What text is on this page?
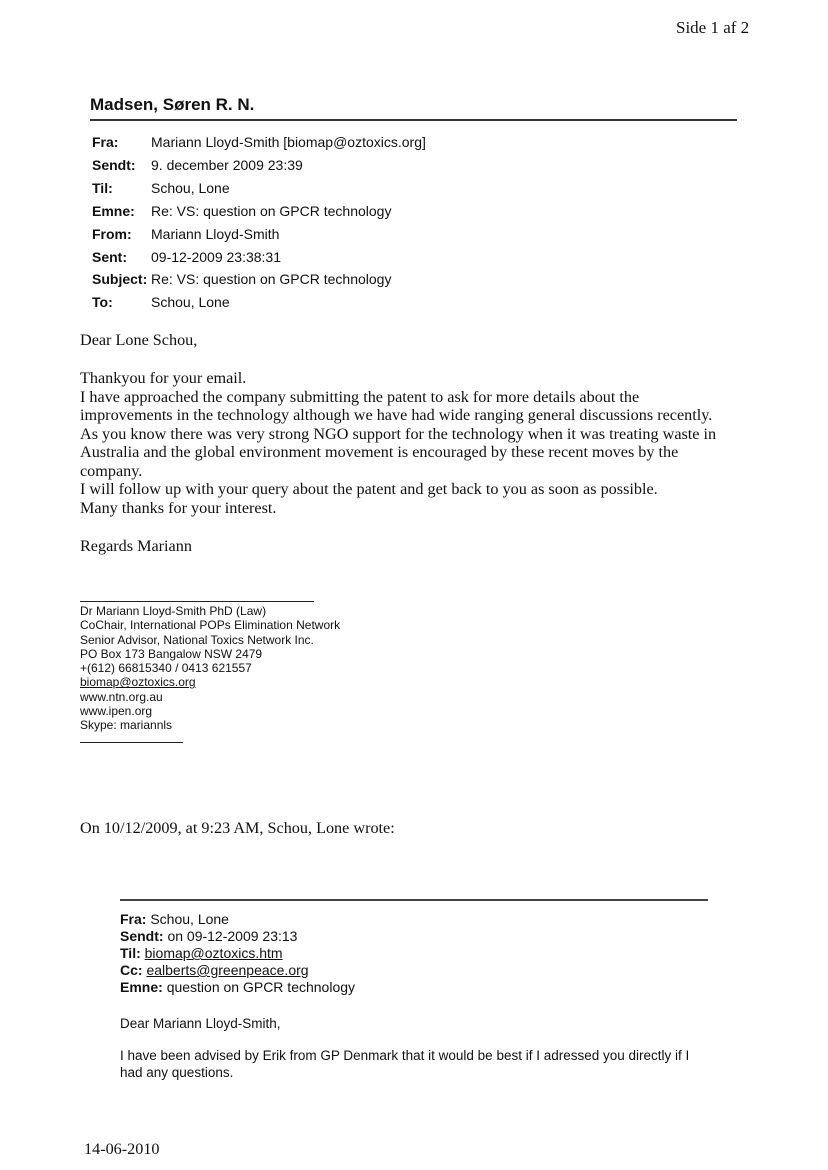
Side 1 af 2
Madsen, Søren R. N.
Fra: Mariann Lloyd-Smith [biomap@oztoxics.org]
Sendt: 9. december 2009 23:39
Til:	Schou, Lone
Emne: Re: VS: question on GPCR technology
From: Mariann Lloyd-Smith
Sent: 09-12-2009 23:38:31
Subject: Re: VS: question on GPCR technology
To:	Schou, Lone
Dear Lone Schou,

Thankyou for your email.

I have approached the company submitting the patent to ask for more details about the

improvements in the technology although we have had wide ranging general discussions recently.

As you know there was very strong NGO support for the technology when it was treating waste in

Australia and the global environment movement is encouraged by these recent moves by the

company.

I will follow up with your query about the patent and get back to you as soon as possible.

Many thanks for your interest.

Regards Mariann
Dr Mariann Lloyd-Smith PhD (Law)
CoChair, International POPs Elimination Network
Senior Advisor, National Toxics Network Inc.
PO Box 173 Bangalow NSW 2479
+(612) 66815340 / 0413 621557
biomap@oztoxics.org
www.ntn.org.au
www.ipen.org
Skype: mariannls
On 10/12/2009, at 9:23 AM, Schou, Lone wrote:
Fra: Schou, Lone
Sendt: on 09-12-2009 23:13
Til: biomap@oztoxics.htm
Cc: ealberts@greenpeace.org
Emne: question on GPCR technology
Dear Mariann Lloyd-Smith,
I have been advised by Erik from GP Denmark that it would be best if I adressed you directly if I
had any questions.
14-06-2010
